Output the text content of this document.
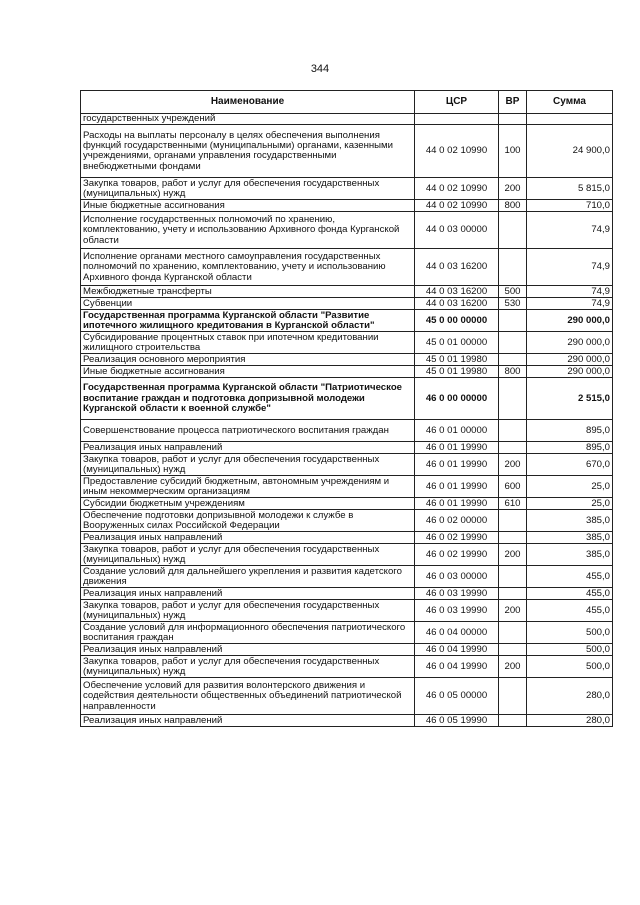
344
Наименование	ЦСР	ВР	Сумма
государственных учреждений			
Расходы на выплаты персоналу в целях обеспечения выполнения функций государственными (муниципальными) органами, казенными учреждениями, органами управления государственными внебюджетными фондами	44 0 02 10990	100	24 900,0
Закупка товаров, работ и услуг для обеспечения государственных (муниципальных) нужд	44 0 02 10990	200	5 815,0
Иные бюджетные ассигнования	44 0 02 10990	800	710,0
Исполнение государственных полномочий по хранению, комплектованию, учету и использованию Архивного фонда Курганской области	44 0 03 00000		74,9
Исполнение органами местного самоуправления государственных полномочий по хранению, комплектованию, учету и использованию Архивного фонда Курганской области	44 0 03 16200		74,9
Межбюджетные трансферты	44 0 03 16200	500	74,9
Субвенции	44 0 03 16200	530	74,9
Государственная программа Курганской области "Развитие ипотечного жилищного кредитования в Курганской области"	45 0 00 00000		290 000,0
Субсидирование процентных ставок при ипотечном кредитовании жилищного строительства	45 0 01 00000		290 000,0
Реализация основного мероприятия	45 0 01 19980		290 000,0
Иные бюджетные ассигнования	45 0 01 19980	800	290 000,0
Государственная программа Курганской области "Патриотическое воспитание граждан и подготовка допризывной молодежи Курганской области к военной службе"	46 0 00 00000		2 515,0
Совершенствование процесса патриотического воспитания граждан	46 0 01 00000		895,0
Реализация иных направлений	46 0 01 19990		895,0
Закупка товаров, работ и услуг для обеспечения государственных (муниципальных) нужд	46 0 01 19990	200	670,0
Предоставление субсидий бюджетным, автономным учреждениям и иным некоммерческим организациям	46 0 01 19990	600	25,0
Субсидии бюджетным учреждениям	46 0 01 19990	610	25,0
Обеспечение подготовки допризывной молодежи к службе в Вооруженных силах Российской Федерации	46 0 02 00000		385,0
Реализация иных направлений	46 0 02 19990		385,0
Закупка товаров, работ и услуг для обеспечения государственных (муниципальных) нужд	46 0 02 19990	200	385,0
Создание условий для дальнейшего укрепления и развития кадетского движения	46 0 03 00000		455,0
Реализация иных направлений	46 0 03 19990		455,0
Закупка товаров, работ и услуг для обеспечения государственных (муниципальных) нужд	46 0 03 19990	200	455,0
Создание условий для информационного обеспечения патриотического воспитания граждан	46 0 04 00000		500,0
Реализация иных направлений	46 0 04 19990		500,0
Закупка товаров, работ и услуг для обеспечения государственных (муниципальных) нужд	46 0 04 19990	200	500,0
Обеспечение условий для развития волонтерского движения и содействия деятельности общественных объединений патриотической направленности	46 0 05 00000		280,0
Реализация иных направлений	46 0 05 19990		280,0
